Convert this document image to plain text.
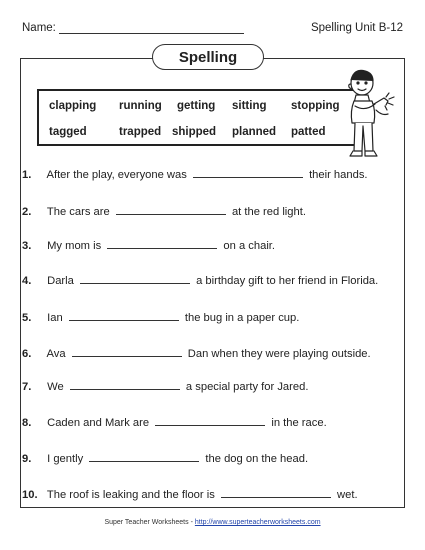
Name:	Spelling Unit B-12
Spelling
clapping running getting sitting stopping
tagged	trapped shipped planned patted
1. After the play, everyone was	their hands.
2. The cars are	at the red light.
3. My mom is	on a chair.
4. Darla	a birthday gift to her friend in Florida.
5. Ian	the bug in a paper cup.
6. Ava	Dan when they were playing outside.
7. We	a special party for Jared.
8. Caden and Mark are	in the race.
9. I gently	the dog on the head.
10. The roof is leaking and the floor is	wet.
Super Teacher Worksheets - http://www.superteacherworksheets.com
